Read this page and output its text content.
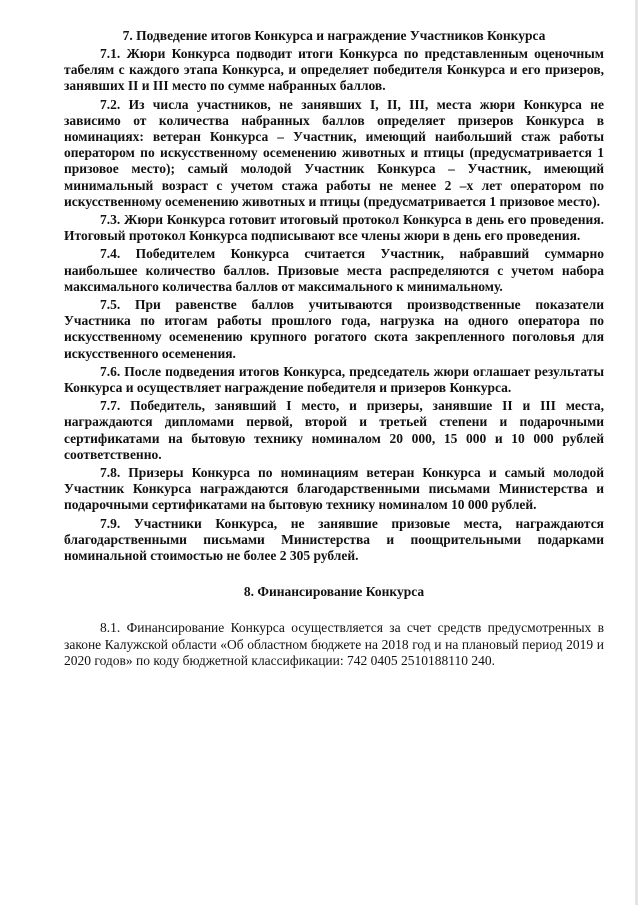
7. Подведение итогов Конкурса и награждение Участников Конкурса

7.1. Жюри Конкурса подводит итоги Конкурса по представленным оценочным табелям с каждого этапа Конкурса, и определяет победителя Конкурса и его призеров, занявших II и III место по сумме набранных баллов.

7.2. Из числа участников, не занявших I, II, III, места жюри Конкурса не зависимо от количества набранных баллов определяет призеров Конкурса в номинациях: ветеран Конкурса – Участник, имеющий наибольший стаж работы оператором по искусственному осеменению животных и птицы (предусматривается 1 призовое место); самый молодой Участник Конкурса – Участник, имеющий минимальный возраст с учетом стажа работы не менее 2 –х лет оператором по искусственному осеменению животных и птицы (предусматривается 1 призовое место).

7.3. Жюри Конкурса готовит итоговый протокол Конкурса в день его проведения. Итоговый протокол Конкурса подписывают все члены жюри в день его проведения.

7.4. Победителем Конкурса считается Участник, набравший суммарно наибольшее количество баллов. Призовые места распределяются с учетом набора максимального количества баллов от максимального к минимальному.

7.5. При равенстве баллов учитываются производственные показатели Участника по итогам работы прошлого года, нагрузка на одного оператора по искусственному осеменению крупного рогатого скота закрепленного поголовья для искусственного осеменения.

7.6. После подведения итогов Конкурса, председатель жюри оглашает результаты Конкурса и осуществляет награждение победителя и призеров Конкурса.

7.7. Победитель, занявший I место, и призеры, занявшие II и III места, награждаются дипломами первой, второй и третьей степени и подарочными сертификатами на бытовую технику номиналом 20 000, 15 000 и 10 000 рублей соответственно.

7.8. Призеры Конкурса по номинациям ветеран Конкурса и самый молодой Участник Конкурса награждаются благодарственными письмами Министерства и подарочными сертификатами на бытовую технику номиналом 10 000 рублей.

7.9. Участники Конкурса, не занявшие призовые места, награждаются благодарственными письмами Министерства и поощрительными подарками номинальной стоимостью не более 2 305 рублей.

8. Финансирование Конкурса

8.1. Финансирование Конкурса осуществляется за счет средств предусмотренных в законе Калужской области «Об областном бюджете на 2018 год и на плановый период 2019 и 2020 годов» по коду бюджетной классификации: 742 0405 2510188110 240.
